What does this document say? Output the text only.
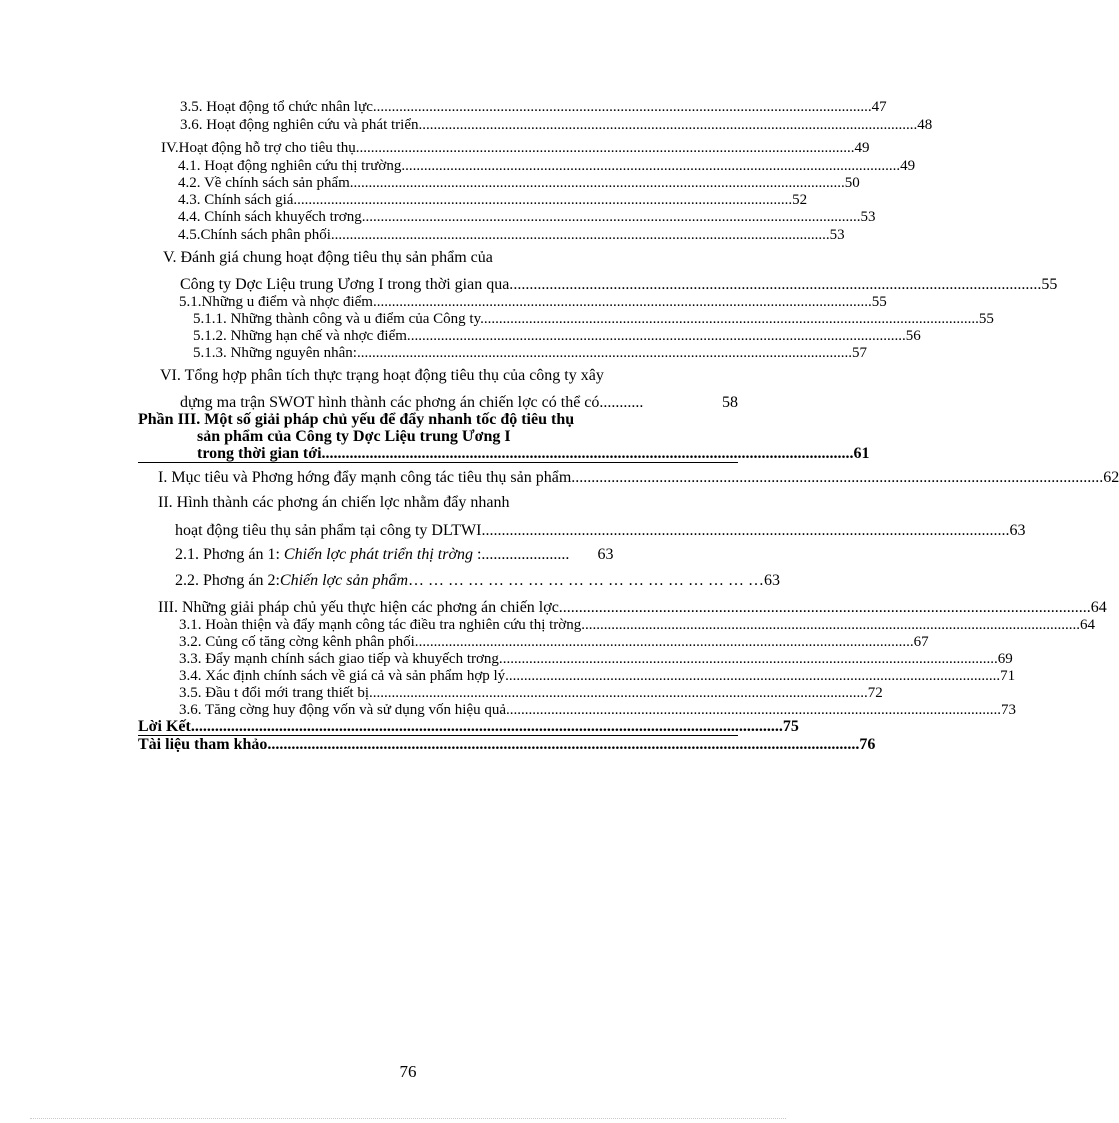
3.5. Hoạt động tổ chức nhân lực. .................................................................................................................................... 47
3.6. Hoạt động nghiên cứu và phát triển. .................................................................................................................................... 48
IV.Hoạt động hỗ trợ cho tiêu thụ. .................................................................................................................................... 49
4.1. Hoạt động nghiên cứu thị trường. .................................................................................................................................... 49
4.2. Về chính sách sản phẩm .................................................................................................................................... 50
4.3. Chính sách giá. .................................................................................................................................... 52
4.4. Chính sách khuyếch trơng. .................................................................................................................................... 53
4.5.Chính sách phân phối. .................................................................................................................................... 53
V. Đánh giá chung hoạt động tiêu thụ sản phẩm của
Công ty Dợc Liệu trung Ương I trong thời gian qua. .................................................................................................................................... 55
5.1.Những u điểm và nhợc điểm. .................................................................................................................................... 55
5.1.1. Những thành công và u điểm của Công ty. .................................................................................................................................... 55
5.1.2. Những hạn chế và nhợc điểm. .................................................................................................................................... 56
5.1.3. Những nguyên nhân: .................................................................................................................................... 57
VI. Tổng hợp phân tích thực trạng hoạt động tiêu thụ của công ty xây
dựng ma trận SWOT hình thành các phơng án chiến lợc có thể có ...........	58
Phần III. Một số giải pháp chủ yếu để đẩy nhanh tốc độ tiêu thụ
sản phẩm của Công ty Dợc Liệu trung Ương I
trong thời gian tới. .................................................................................................................................... 61
I. Mục tiêu và Phơng hớng đẩy mạnh công tác tiêu thụ sản phẩm. .................................................................................................................................... 62
II. Hình thành các phơng án chiến lợc nhằm đẩy nhanh
hoạt động tiêu thụ sản phẩm tại công ty DLTWI .................................................................................................................................... 63
2.1. Phơng án 1: Chiến lợc phát triển thị trờng :...................... 63
2.2. Phơng án 2: Chiến lợc sản phẩm … … … … … … … … … … … … … … … … … … 63
III. Những giải pháp chủ yếu thực hiện các phơng án chiến lợc. .................................................................................................................................... 64
3.1. Hoàn thiện và đẩy mạnh công tác điều tra nghiên cứu thị trờng. .................................................................................................................................... 64
3.2. Củng cố tăng cờng kênh phân phối. .................................................................................................................................... 67
3.3. Đẩy mạnh chính sách giao tiếp và khuyếch trơng. .................................................................................................................................... 69
3.4. Xác định chính sách về giá cả và sản phẩm hợp lý .................................................................................................................................... 71
3.5. Đầu t đổi mới trang thiết bị. .................................................................................................................................... 72
3.6. Tăng cờng huy động vốn và sử dụng vốn hiệu quả .................................................................................................................................... 73
Lời Kết .................................................................................................................................................... 75
Tài liệu tham khảo .................................................................................................................................................... 76
76
